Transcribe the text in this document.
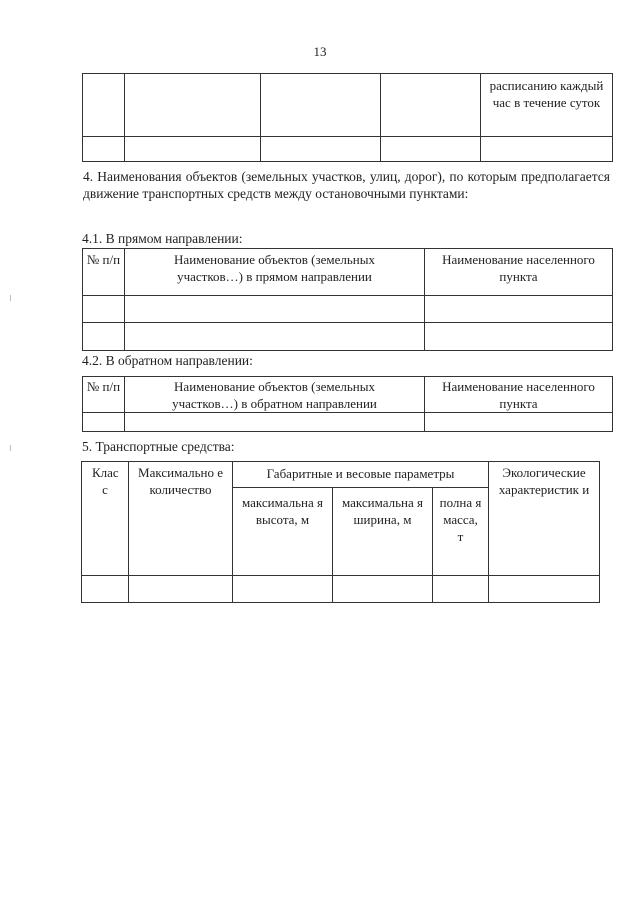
13
				расписанию каждый час в течение суток

4. Наименования объектов (земельных участков, улиц, дорог), по которым предполагается движение транспортных средств между остановочными пунктами:
4.1. В прямом направлении:
№ п/п	Наименование объектов (земельных участков…) в прямом направлении	Наименование населенного пункта

4.2. В обратном направлении:
№ п/п	Наименование объектов (земельных участков…) в обратном направлении	Наименование населенного пункта

5. Транспортные средства:
Клас с	Максимально е количество	Габаритные и весовые параметры			Экологические характеристик и
		максимальна я высота, м	максимальна я ширина, м	полна я масса, т	
